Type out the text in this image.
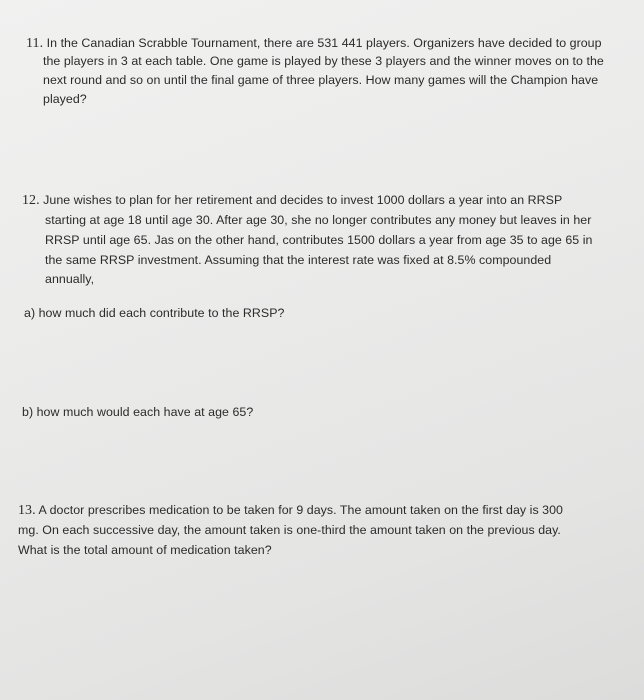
11. In the Canadian Scrabble Tournament, there are 531 441 players. Organizers have decided to group
the players in 3 at each table. One game is played by these 3 players and the winner moves on to the
next round and so on until the final game of three players. How many games will the Champion have
played?
12. June wishes to plan for her retirement and decides to invest 1000 dollars a year into an RRSP
starting at age 18 until age 30. After age 30, she no longer contributes any money but leaves in her
RRSP until age 65. Jas on the other hand, contributes 1500 dollars a year from age 35 to age 65 in
the same RRSP investment. Assuming that the interest rate was fixed at 8.5% compounded
annually,
a) how much did each contribute to the RRSP?
b) how much would each have at age 65?
13. A doctor prescribes medication to be taken for 9 days. The amount taken on the first day is 300
mg. On each successive day, the amount taken is one-third the amount taken on the previous day.
What is the total amount of medication taken?
